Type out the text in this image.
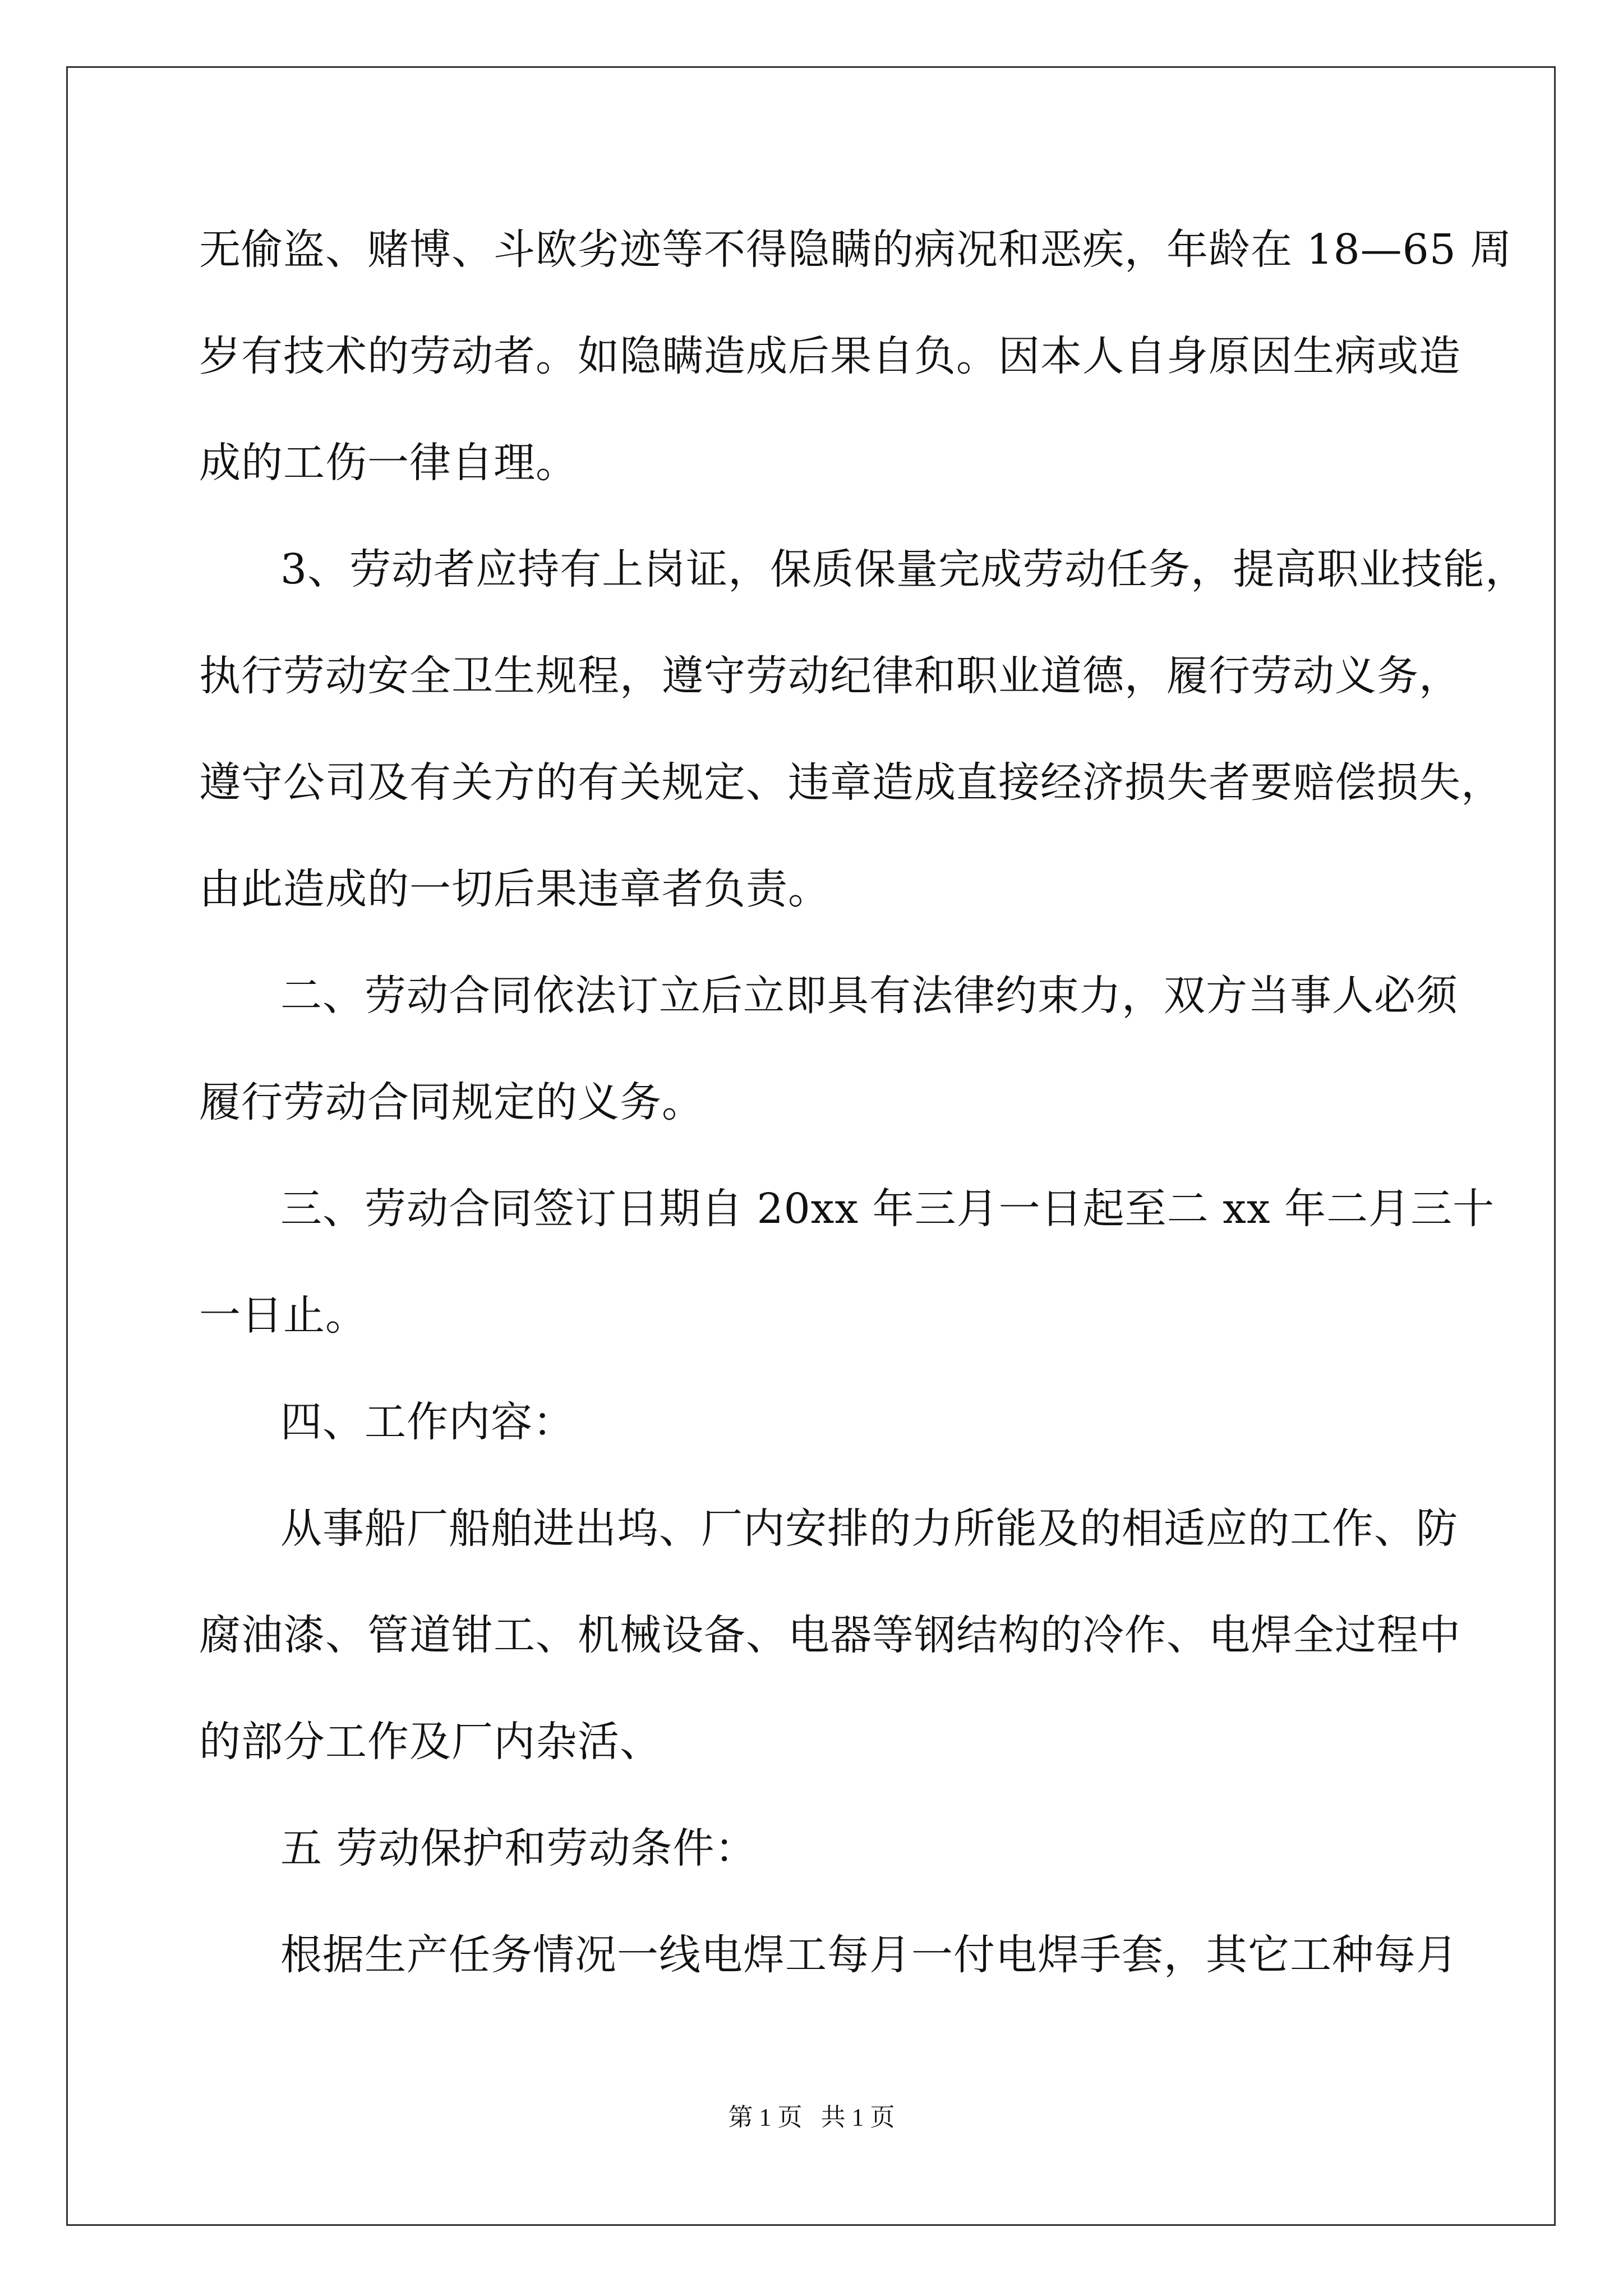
无偷盗、赌博、斗欧劣迹等不得隐瞒的病况和恶疾，年龄在 18—65 周
岁有技术的劳动者。如隐瞒造成后果自负。因本人自身原因生病或造
成的工伤一律自理。
3、劳动者应持有上岗证，保质保量完成劳动任务，提高职业技能，
执行劳动安全卫生规程，遵守劳动纪律和职业道德，履行劳动义务，
遵守公司及有关方的有关规定、违章造成直接经济损失者要赔偿损失，
由此造成的一切后果违章者负责。
二、劳动合同依法订立后立即具有法律约束力，双方当事人必须
履行劳动合同规定的义务。
三、劳动合同签订日期自 20xx 年三月一日起至二 xx 年二月三十
一日止。
四、工作内容：
从事船厂船舶进出坞、厂内安排的力所能及的相适应的工作、防
腐油漆、管道钳工、机械设备、电器等钢结构的冷作、电焊全过程中
的部分工作及厂内杂活、
五 劳动保护和劳动条件：
根据生产任务情况一线电焊工每月一付电焊手套，其它工种每月
第 1 页   共 1 页
